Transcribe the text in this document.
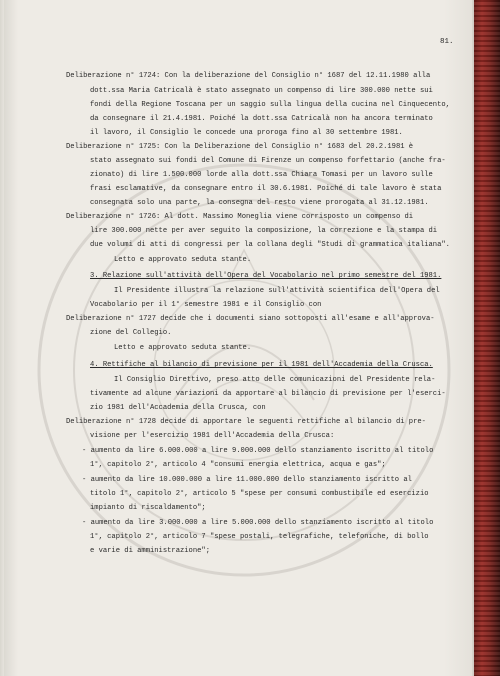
81.
Deliberazione n° 1724: Con la deliberazione del Consiglio n° 1687 del 12.11.1980 alla
dott.ssa Maria Catricalà è stato assegnato un compenso di lire 300.000 nette sui
fondi della Regione Toscana per un saggio sulla lingua della cucina nel Cinquecento,
da consegnare il 21.4.1981. Poiché la dott.ssa Catricalà non ha ancora terminato
il lavoro, il Consiglio le concede una proroga fino al 30 settembre 1981.
Deliberazione n° 1725: Con la Deliberazione del Consiglio n° 1683 del 20.2.1981 è
stato assegnato sui fondi del Comune di Firenze un compenso forfettario (anche fra-
zionato) di lire 1.500.000 lorde alla dott.ssa Chiara Tomasi per un lavoro sulle
frasi esclamative, da consegnare entro il 30.6.1981. Poiché di tale lavoro è stata
consegnata solo una parte, la consegna del resto viene prorogata al 31.12.1981.
Deliberazione n° 1726: Al dott. Massimo Moneglia viene corrisposto un compenso di
lire 300.000 nette per aver seguito la composizione, la correzione e la stampa di
due volumi di atti di congressi per la collana degli "Studi di grammatica italiana".
Letto e approvato seduta stante.
3. Relazione sull'attività dell'Opera del Vocabolario nel primo semestre del 1981.
Il Presidente illustra la relazione sull'attività scientifica dell'Opera del
Vocabolario per il 1° semestre 1981 e il Consiglio con
Deliberazione n° 1727 decide che i documenti siano sottoposti all'esame e all'approva-
zione del Collegio.
Letto e approvato seduta stante.
4. Rettifiche al bilancio di previsione per il 1981 dell'Accademia della Crusca.
Il Consiglio Direttivo, preso atto delle comunicazioni del Presidente rela-
tivamente ad alcune variazioni da apportare al bilancio di previsione per l'eserci-
zio 1981 dell'Accademia della Crusca, con
Deliberazione n° 1728 decide di apportare le seguenti rettifiche al bilancio di pre-
visione per l'esercizio 1981 dell'Accademia della Crusca:
- aumento da lire 6.000.000 a lire 9.000.000 dello stanziamento iscritto al titolo
1°, capitolo 2°, articolo 4 "consumi energia elettrica, acqua e gas";
- aumento da lire 10.000.000 a lire 11.000.000 dello stanziamento iscritto al
titolo 1°, capitolo 2°, articolo 5 "spese per consumi combustibile ed esercizio
impianto di riscaldamento";
- aumento da lire 3.000.000 a lire 5.000.000 dello stanziamento iscritto al titolo
1°, capitolo 2°, articolo 7 "spese postali, telegrafiche, telefoniche, di bollo
e varie di amministrazione";
